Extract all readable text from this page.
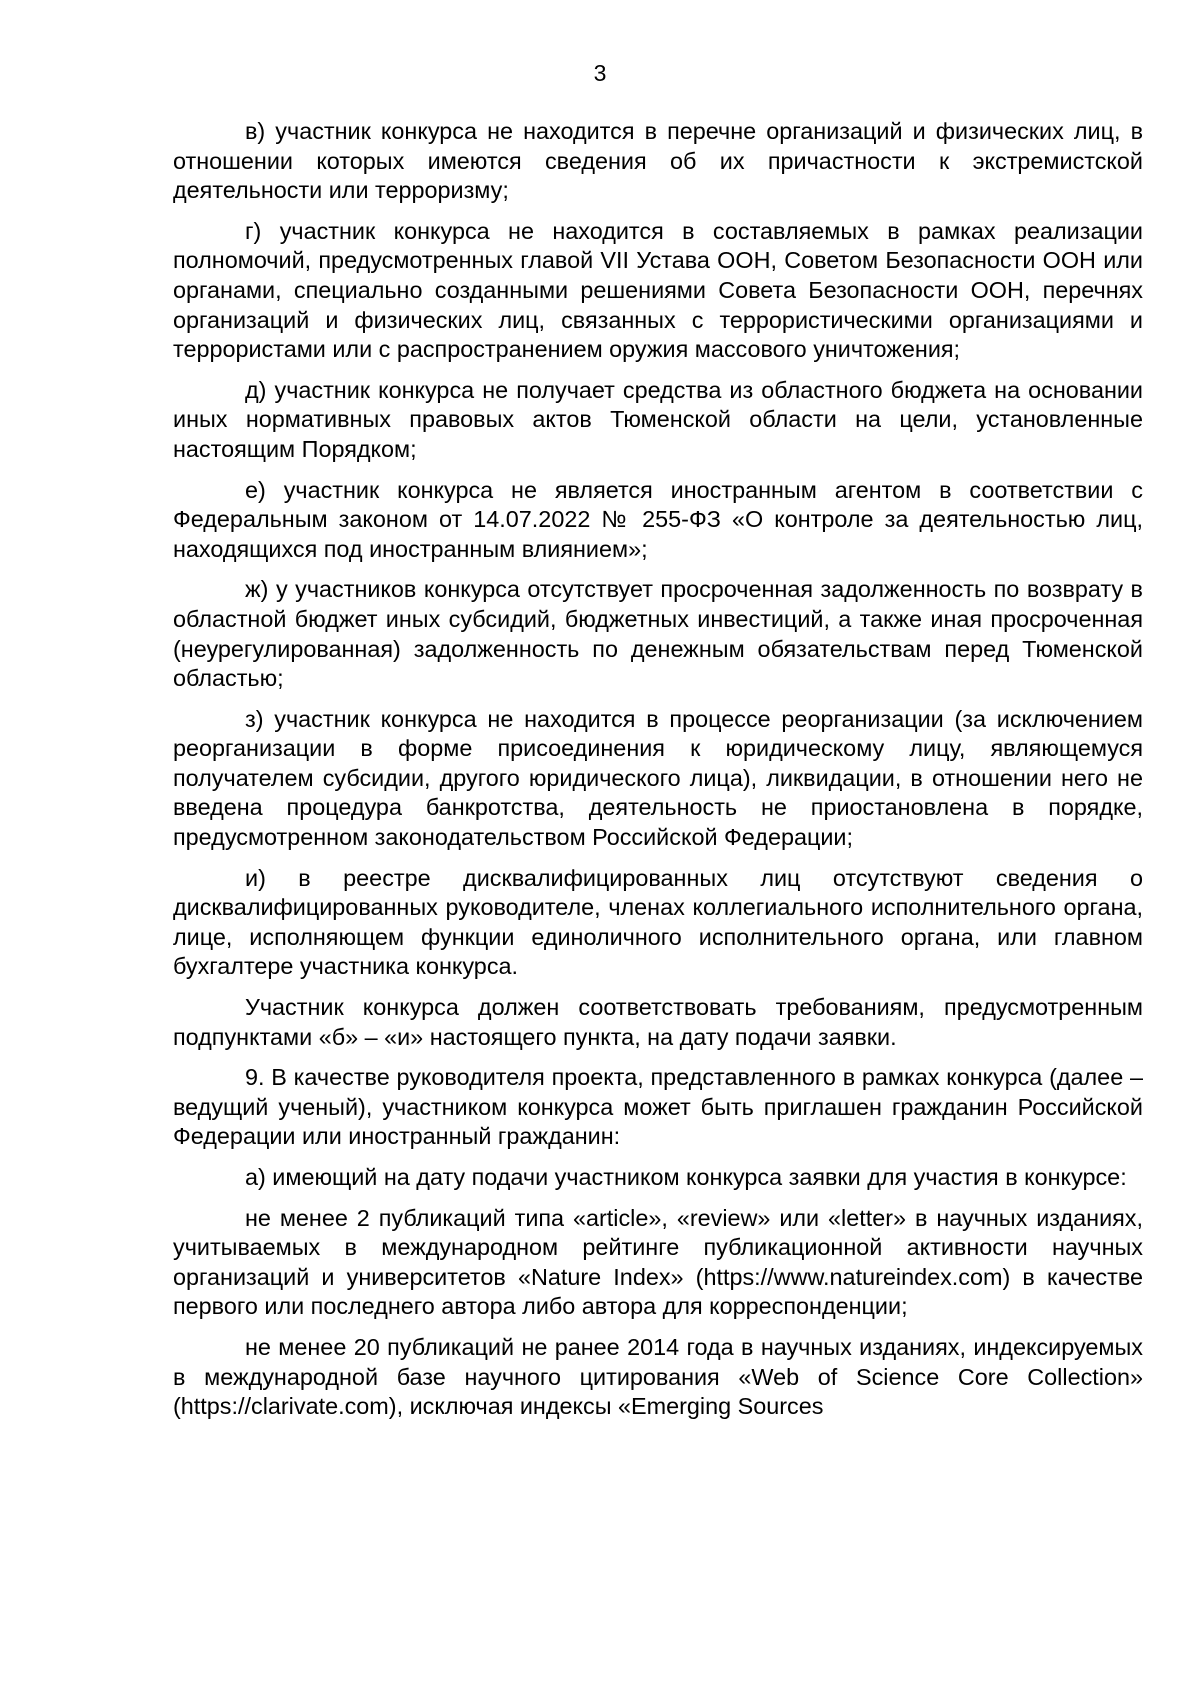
3

в) участник конкурса не находится в перечне организаций и физических лиц, в отношении которых имеются сведения об их причастности к экстремистской деятельности или терроризму;

г) участник конкурса не находится в составляемых в рамках реализации полномочий, предусмотренных главой VII Устава ООН, Советом Безопасности ООН или органами, специально созданными решениями Совета Безопасности ООН, перечнях организаций и физических лиц, связанных с террористическими организациями и террористами или с распространением оружия массового уничтожения;

д) участник конкурса не получает средства из областного бюджета на основании иных нормативных правовых актов Тюменской области на цели, установленные настоящим Порядком;

е) участник конкурса не является иностранным агентом в соответствии с Федеральным законом от 14.07.2022 № 255-ФЗ «О контроле за деятельностью лиц, находящихся под иностранным влиянием»;

ж) у участников конкурса отсутствует просроченная задолженность по возврату в областной бюджет иных субсидий, бюджетных инвестиций, а также иная просроченная (неурегулированная) задолженность по денежным обязательствам перед Тюменской областью;

з) участник конкурса не находится в процессе реорганизации (за исключением реорганизации в форме присоединения к юридическому лицу, являющемуся получателем субсидии, другого юридического лица), ликвидации, в отношении него не введена процедура банкротства, деятельность не приостановлена в порядке, предусмотренном законодательством Российской Федерации;

и) в реестре дисквалифицированных лиц отсутствуют сведения о дисквалифицированных руководителе, членах коллегиального исполнительного органа, лице, исполняющем функции единоличного исполнительного органа, или главном бухгалтере участника конкурса.

Участник конкурса должен соответствовать требованиям, предусмотренным подпунктами «б» – «и» настоящего пункта, на дату подачи заявки.

9. В качестве руководителя проекта, представленного в рамках конкурса (далее – ведущий ученый), участником конкурса может быть приглашен гражданин Российской Федерации или иностранный гражданин:

а) имеющий на дату подачи участником конкурса заявки для участия в конкурсе:

не менее 2 публикаций типа «article», «review» или «letter» в научных изданиях, учитываемых в международном рейтинге публикационной активности научных организаций и университетов «Nature Index» (https://www.natureindex.com) в качестве первого или последнего автора либо автора для корреспонденции;

не менее 20 публикаций не ранее 2014 года в научных изданиях, индексируемых в международной базе научного цитирования «Web of Science Core Collection» (https://clarivate.com), исключая индексы «Emerging Sources
